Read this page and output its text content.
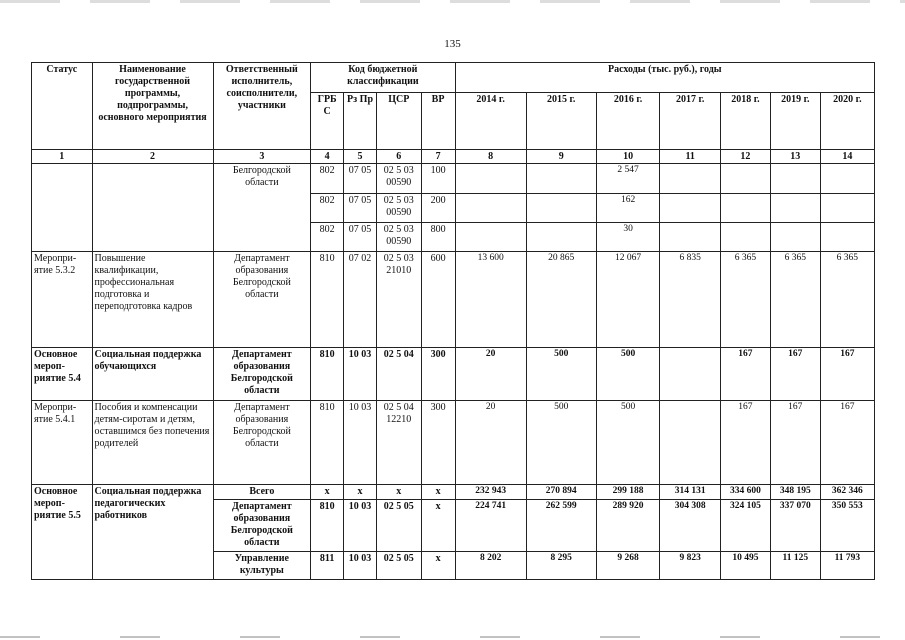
135
Статус	Наименование государственной программы, подпрограммы, основного мероприятия	Ответственный исполнитель, соисполнители, участники	Код бюджетной классификации				Расходы (тыс. руб.), годы						
			ГРБ С	Рз Пр	ЦСР	ВР	2014 г.	2015 г.	2016 г.	2017 г.	2018 г.	2019 г.	2020 г.
1	2	3	4	5	6	7	8	9	10	11	12	13	14
		Белгородской области	802	07 05	02 5 03 00590	100			2 547				
			802	07 05	02 5 03 00590	200			162				
			802	07 05	02 5 03 00590	800			30				
Меропри-ятие 5.3.2	Повышение квалификации, профессиональная подготовка и переподготовка кадров	Департамент образования Белгородской области	810	07 02	02 5 03 21010	600	13 600	20 865	12 067	6 835	6 365	6 365	6 365
Основное мероп-риятие 5.4	Социальная поддержка обучающихся	Департамент образования Белгородской области	810	10 03	02 5 04	300	20	500	500		167	167	167
Меропри-ятие 5.4.1	Пособия и компенсации детям-сиротам и детям, оставшимся без попечения родителей	Департамент образования Белгородской области	810	10 03	02 5 04 12210	300	20	500	500		167	167	167
Основное мероп-риятие 5.5	Социальная поддержка педагогических работников	Всего	х	х	х	х	232 943	270 894	299 188	314 131	334 600	348 195	362 346
		Департамент образования Белгородской области	810	10 03	02 5 05	х	224 741	262 599	289 920	304 308	324 105	337 070	350 553
		Управление культуры	811	10 03	02 5 05	х	8 202	8 295	9 268	9 823	10 495	11 125	11 793
